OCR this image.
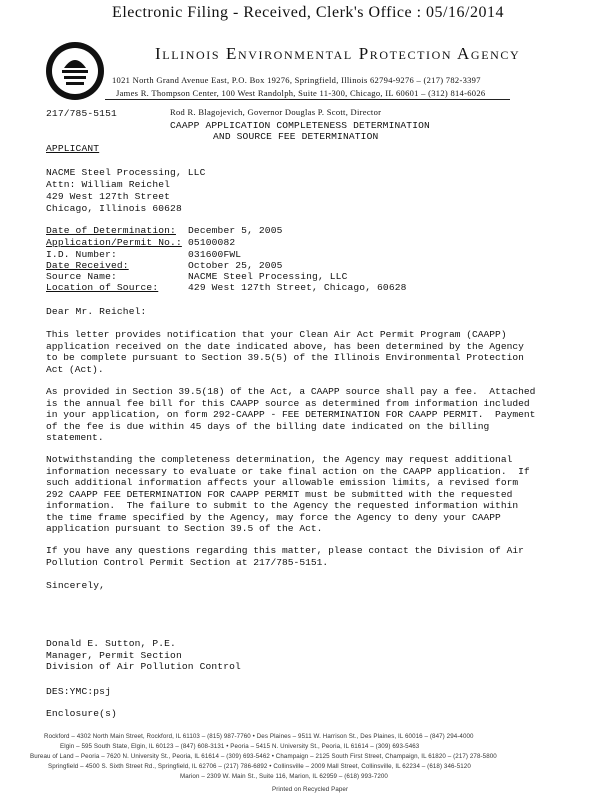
Electronic Filing - Received, Clerk's Office : 05/16/2014
Illinois Environmental Protection Agency
1021 North Grand Avenue East, P.O. Box 19276, Springfield, Illinois 62794-9276 – (217) 782-3397
James R. Thompson Center, 100 West Randolph, Suite 11-300, Chicago, IL 60601 – (312) 814-6026
217/785-5151	Rod R. Blagojevich, Governor Douglas P. Scott, Director
CAAPP APPLICATION COMPLETENESS DETERMINATION
AND SOURCE FEE DETERMINATION
APPLICANT
NACME Steel Processing, LLC
Attn: William Reichel
429 West 127th Street
Chicago, Illinois 60628
Date of Determination: December 5, 2005
Application/Permit No.: 05100082
I.D. Number:	031600FWL
Date Received:	October 25, 2005
Source Name:	NACME Steel Processing, LLC
Location of Source:	429 West 127th Street, Chicago, 60628
Dear Mr. Reichel:
This letter provides notification that your Clean Air Act Permit Program (CAAPP)
application received on the date indicated above, has been determined by the Agency
to be complete pursuant to Section 39.5(5) of the Illinois Environmental Protection
Act (Act).
As provided in Section 39.5(18) of the Act, a CAAPP source shall pay a fee.  Attached
is the annual fee bill for this CAAPP source as determined from information included
in your application, on form 292-CAAPP - FEE DETERMINATION FOR CAAPP PERMIT.  Payment
of the fee is due within 45 days of the billing date indicated on the billing
statement.
Notwithstanding the completeness determination, the Agency may request additional
information necessary to evaluate or take final action on the CAAPP application.  If
such additional information affects your allowable emission limits, a revised form
292 CAAPP FEE DETERMINATION FOR CAAPP PERMIT must be submitted with the requested
information.  The failure to submit to the Agency the requested information within
the time frame specified by the Agency, may force the Agency to deny your CAAPP
application pursuant to Section 39.5 of the Act.
If you have any questions regarding this matter, please contact the Division of Air
Pollution Control Permit Section at 217/785-5151.
Sincerely,
Donald E. Sutton, P.E.
Manager, Permit Section
Division of Air Pollution Control
DES:YMC:psj
Enclosure(s)
Rockford – 4302 North Main Street, Rockford, IL 61103 – (815) 987-7760 • Des Plaines – 9511 W. Harrison St., Des Plaines, IL 60016 – (847) 294-4000
Elgin – 595 South State, Elgin, IL 60123 – (847) 608-3131 • Peoria – 5415 N. University St., Peoria, IL 61614 – (309) 693-5463
Bureau of Land – Peoria – 7620 N. University St., Peoria, IL 61614 – (309) 693-5462 • Champaign – 2125 South First Street, Champaign, IL 61820 – (217) 278-5800
Springfield – 4500 S. Sixth Street Rd., Springfield, IL 62706 – (217) 786-6892 • Collinsville – 2009 Mall Street, Collinsville, IL 62234 – (618) 346-5120
Marion – 2309 W. Main St., Suite 116, Marion, IL 62959 – (618) 993-7200
Printed on Recycled Paper
